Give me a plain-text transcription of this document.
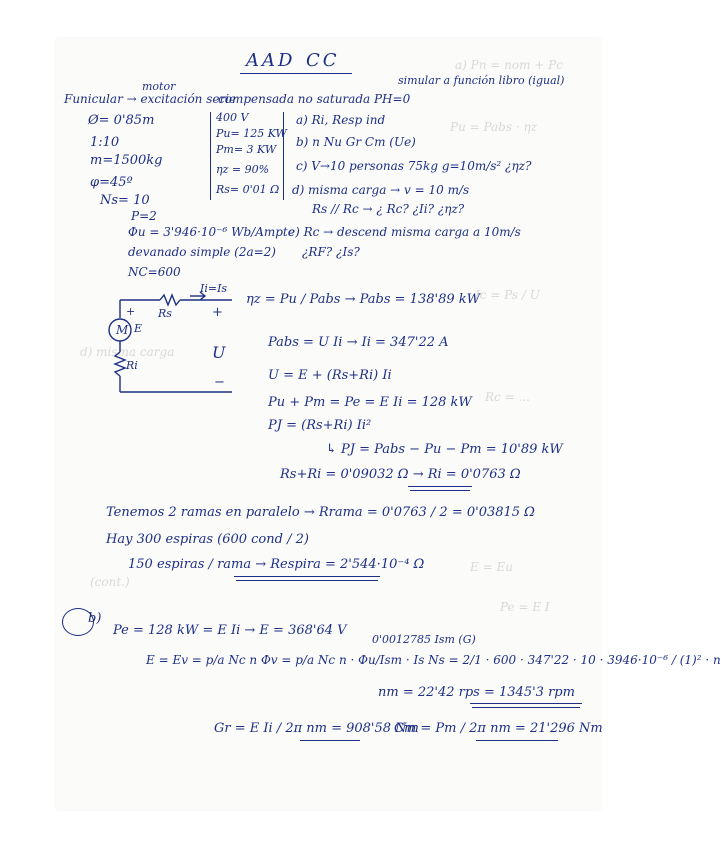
a) Pn = nom + Pc
Pu = Pabs · ηz
Ic = Ps / U
Rc = ...
d) misma carga
E = Eu
Pe = E I
(cont.)
AAD CC
simular a función libro (igual)
motor
Funicular → excitación serie
compensada no saturada PH=0
Ø= 0'85m
1:10
m=1500kg
φ=45º
Ns= 10
P=2
Φu = 3'946·10⁻⁶ Wb/Ampte
devanado simple (2a=2)
NC=600
400 V
Pu= 125 KW
Pm= 3 KW
ηz = 90%
Rs= 0'01 Ω
a) Ri, Resp ind
b) n Nu Gr Cm (Ue)
c) V→10 personas 75kg g=10m/s² ¿ηz?
d) misma carga → v = 10 m/s
Rs // Rc → ¿ Rc? ¿Ii? ¿ηz?
e) Rc → descend misma carga a 10m/s
¿RF? ¿Is?
Ii=Is
Rs
M E
+
Ri
+
U
−
ηz = Pu / Pabs → Pabs = 138'89 kW
Pabs = U Ii → Ii = 347'22 A
U = E + (Rs+Ri) Ii
Pu + Pm = Pe = E Ii = 128 kW
PJ = (Rs+Ri) Ii²
↳ PJ = Pabs − Pu − Pm = 10'89 kW
Rs+Ri = 0'09032 Ω → Ri = 0'0763 Ω
Tenemos 2 ramas en paralelo → Rrama = 0'0763 / 2 = 0'03815 Ω
Hay 300 espiras (600 cond / 2)
150 espiras / rama → Respira = 2'544·10⁻⁴ Ω
b)
Pe = 128 kW = E Ii → E = 368'64 V
0'0012785 Ism (G)
E = Ev = p/a Nc n Φv = p/a Nc n · Φu/Ism · Is Ns = 2/1 · 600 · 347'22 · 10 · 3946·10⁻⁶ / (1)² · n
nm = 22'42 rps = 1345'3 rpm
Gr = E Ii / 2π nm = 908'58 Nm
Cm = Pm / 2π nm = 21'296 Nm
